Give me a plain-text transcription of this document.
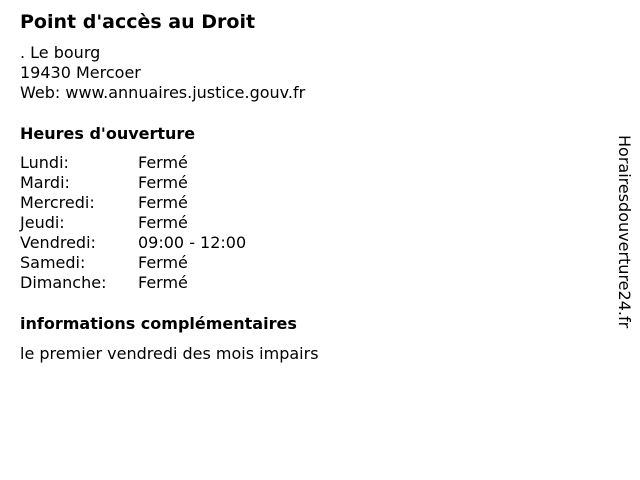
Point d'accès au Droit
. Le bourg
19430 Mercoer
Web: www.annuaires.justice.gouv.fr
Heures d'ouverture
Lundi:	Fermé
Mardi:	Fermé
Mercredi:	Fermé
Jeudi:	Fermé
Vendredi:	09:00 - 12:00
Samedi:	Fermé
Dimanche: Fermé
informations complémentaires
le premier vendredi des mois impairs
Horairesdouverture24.fr
